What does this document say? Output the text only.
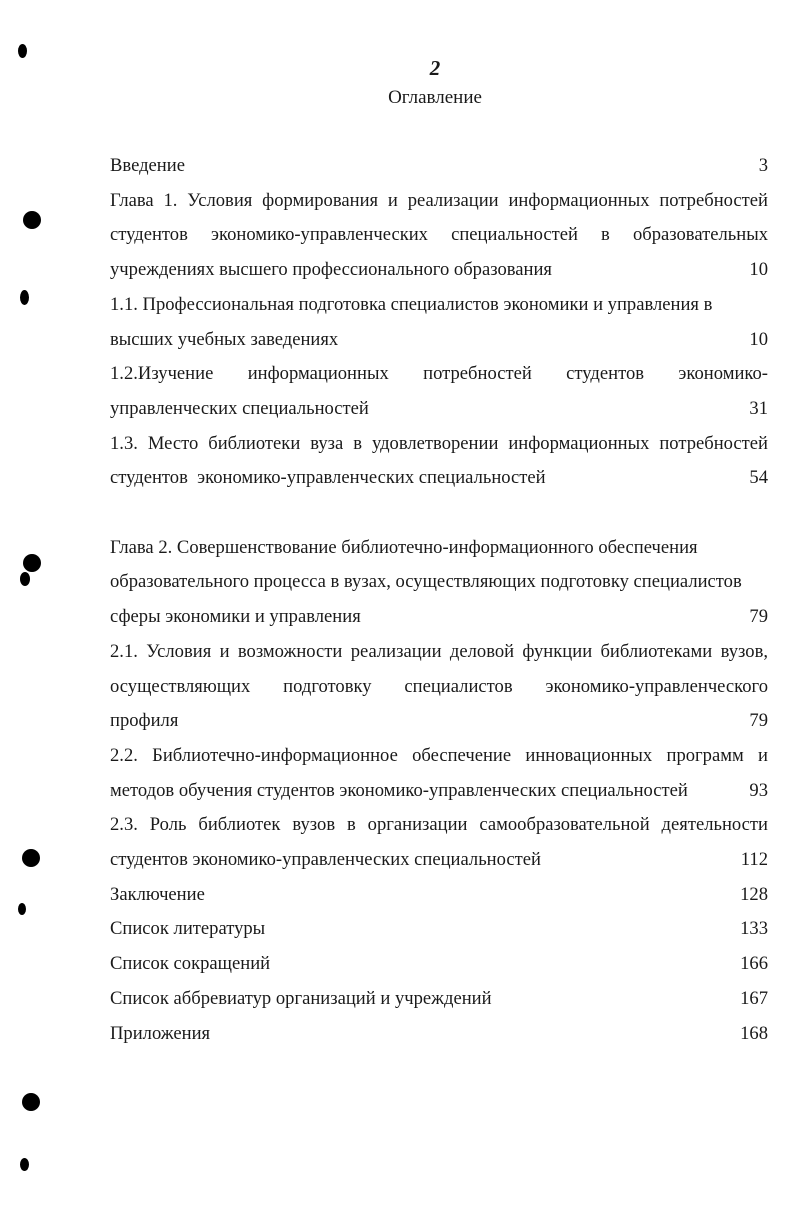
2
Оглавление
Введение	3
Глава 1. Условия формирования и реализации информационных потребностей
студентов экономико-управленческих специальностей в образовательных
учреждениях высшего профессионального образования	10
1.1. Профессиональная подготовка специалистов экономики и управления в
высших учебных заведениях	10
1.2.Изучение информационных потребностей студентов экономико-
управленческих специальностей	31
1.3. Место библиотеки вуза в удовлетворении информационных потребностей
студентов  экономико-управленческих специальностей	54
Глава 2. Совершенствование библиотечно-информационного обеспечения
образовательного процесса в вузах, осуществляющих подготовку специалистов
сферы экономики и управления	79
2.1. Условия и возможности реализации деловой функции библиотеками вузов,
осуществляющих подготовку специалистов экономико-управленческого
профиля	79
2.2. Библиотечно-информационное обеспечение инновационных программ и
методов обучения студентов экономико-управленческих специальностей	93
2.3. Роль библиотек вузов в организации самообразовательной деятельности
студентов экономико-управленческих специальностей	112
Заключение	128
Список литературы	133
Список сокращений	166
Список аббревиатур организаций и учреждений	167
Приложения	168
